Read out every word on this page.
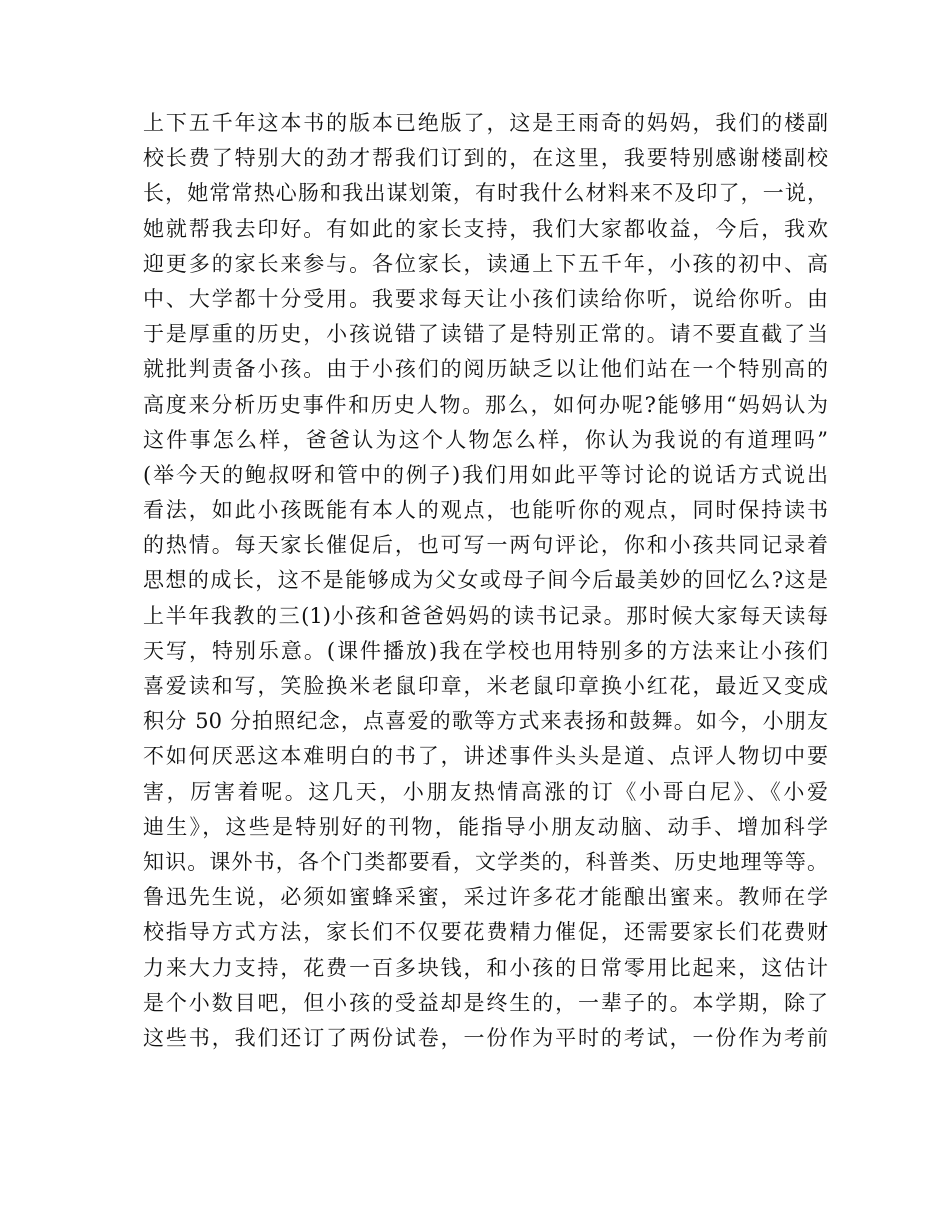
上下五千年这本书的版本已绝版了，这是王雨奇的妈妈，我们的楼副
校长费了特别大的劲才帮我们订到的，在这里，我要特别感谢楼副校
长，她常常热心肠和我出谋划策，有时我什么材料来不及印了，一说，
她就帮我去印好。有如此的家长支持，我们大家都收益，今后，我欢
迎更多的家长来参与。各位家长，读通上下五千年，小孩的初中、高
中、大学都十分受用。我要求每天让小孩们读给你听，说给你听。由
于是厚重的历史，小孩说错了读错了是特别正常的。请不要直截了当
就批判责备小孩。由于小孩们的阅历缺乏以让他们站在一个特别高的
高度来分析历史事件和历史人物。那么，如何办呢?能够用“妈妈认为
这件事怎么样，爸爸认为这个人物怎么样，你认为我说的有道理吗”
(举今天的鲍叔呀和管中的例子)我们用如此平等讨论的说话方式说出
看法，如此小孩既能有本人的观点，也能听你的观点，同时保持读书
的热情。每天家长催促后，也可写一两句评论，你和小孩共同记录着
思想的成长，这不是能够成为父女或母子间今后最美妙的回忆么?这是
上半年我教的三(1)小孩和爸爸妈妈的读书记录。那时候大家每天读每
天写，特别乐意。(课件播放)我在学校也用特别多的方法来让小孩们
喜爱读和写，笑脸换米老鼠印章，米老鼠印章换小红花，最近又变成
积分 50 分拍照纪念，点喜爱的歌等方式来表扬和鼓舞。如今，小朋友
不如何厌恶这本难明白的书了，讲述事件头头是道、点评人物切中要
害，厉害着呢。这几天，小朋友热情高涨的订《小哥白尼》、《小爱
迪生》，这些是特别好的刊物，能指导小朋友动脑、动手、增加科学
知识。课外书，各个门类都要看，文学类的，科普类、历史地理等等。
鲁迅先生说，必须如蜜蜂采蜜，采过许多花才能酿出蜜来。教师在学
校指导方式方法，家长们不仅要花费精力催促，还需要家长们花费财
力来大力支持，花费一百多块钱，和小孩的日常零用比起来，这估计
是个小数目吧，但小孩的受益却是终生的，一辈子的。本学期，除了
这些书，我们还订了两份试卷，一份作为平时的考试，一份作为考前
